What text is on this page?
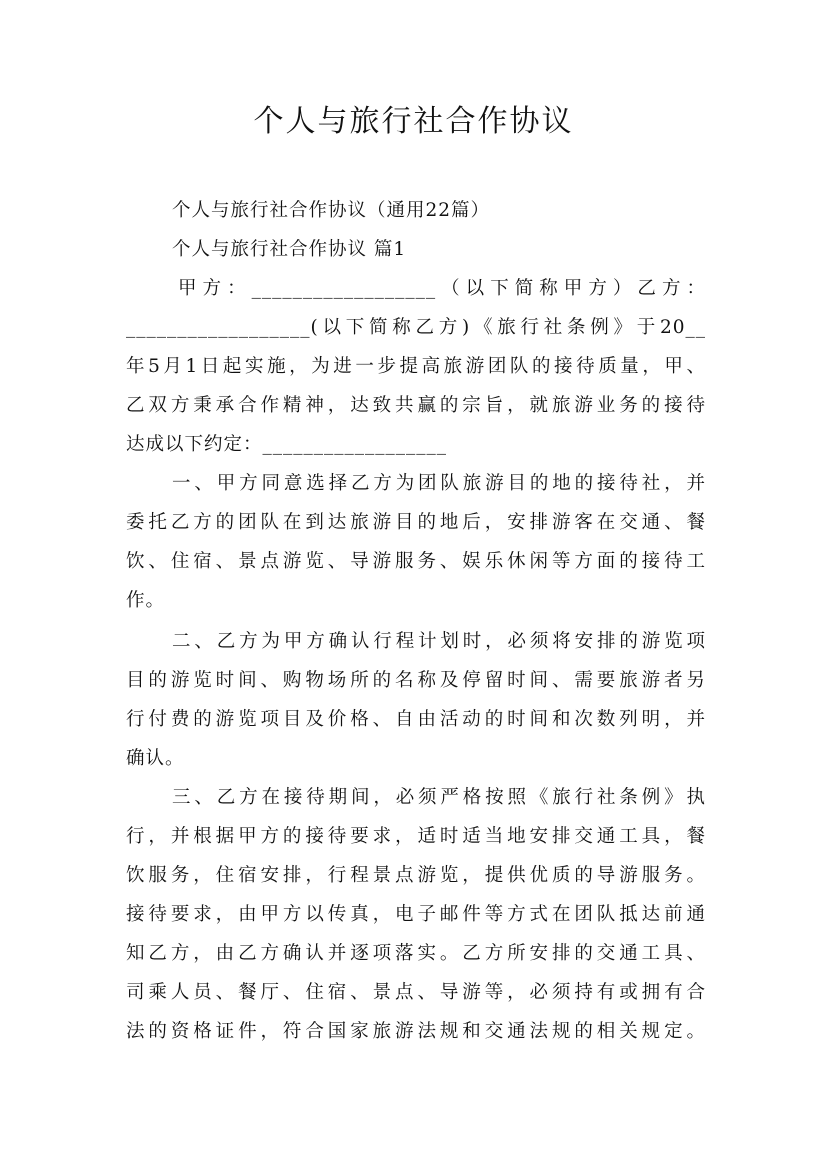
个人与旅行社合作协议
个人与旅行社合作协议（通用22篇）
个人与旅行社合作协议 篇1
甲方：__________________（以下简称甲方）乙方：
__________________(以下简称乙方)《旅行社条例》于20__
年5月1日起实施，为进一步提高旅游团队的接待质量，甲、
乙双方秉承合作精神，达致共赢的宗旨，就旅游业务的接待
达成以下约定：__________________
一、甲方同意选择乙方为团队旅游目的地的接待社，并
委托乙方的团队在到达旅游目的地后，安排游客在交通、餐
饮、住宿、景点游览、导游服务、娱乐休闲等方面的接待工
作。
二、乙方为甲方确认行程计划时，必须将安排的游览项
目的游览时间、购物场所的名称及停留时间、需要旅游者另
行付费的游览项目及价格、自由活动的时间和次数列明，并
确认。
三、乙方在接待期间，必须严格按照《旅行社条例》执
行，并根据甲方的接待要求，适时适当地安排交通工具，餐
饮服务，住宿安排，行程景点游览，提供优质的导游服务。
接待要求，由甲方以传真，电子邮件等方式在团队抵达前通
知乙方，由乙方确认并逐项落实。乙方所安排的交通工具、
司乘人员、餐厅、住宿、景点、导游等，必须持有或拥有合
法的资格证件，符合国家旅游法规和交通法规的相关规定。
